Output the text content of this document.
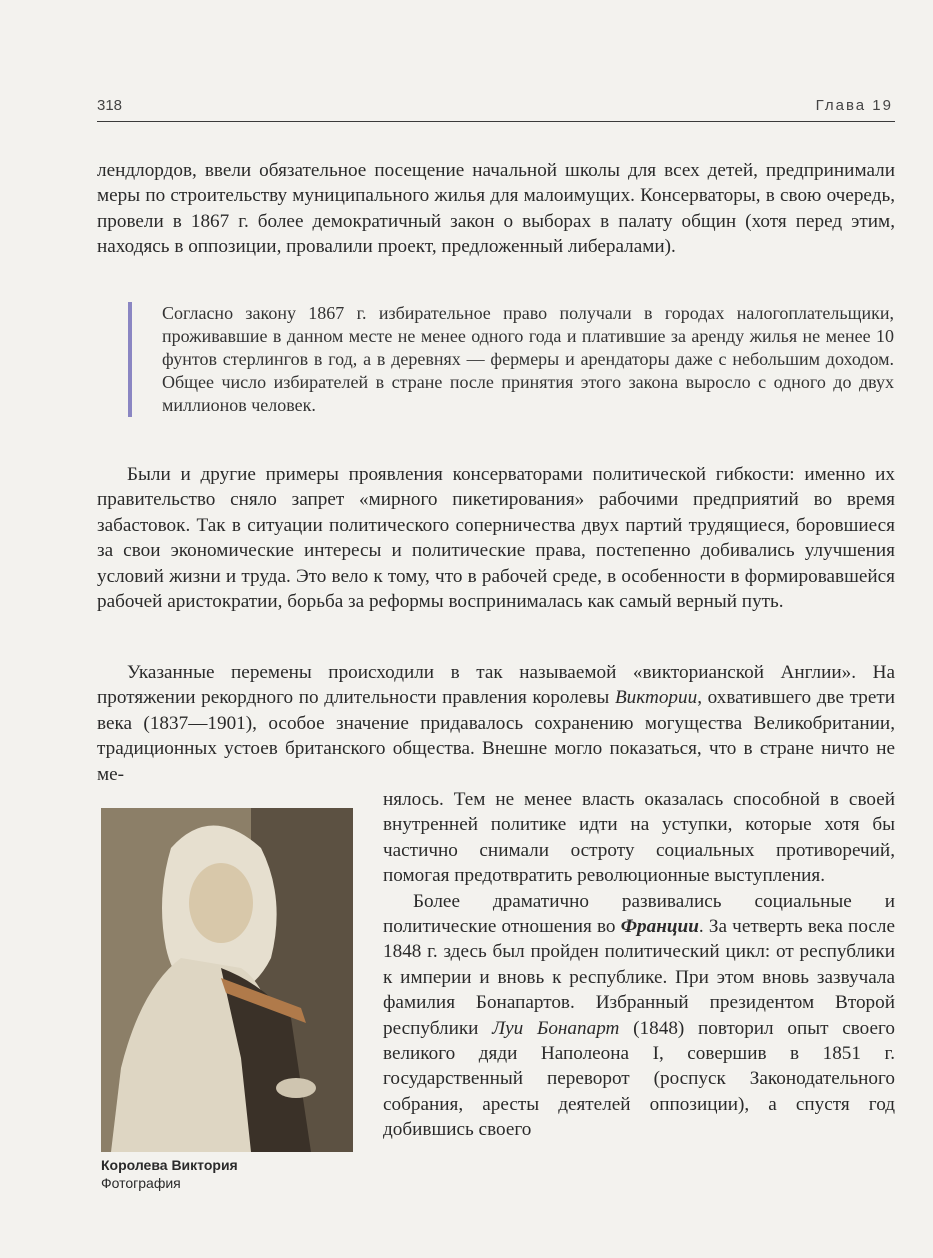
318	Глава 19

лендлордов, ввели обязательное посещение начальной школы для всех детей, предпринимали меры по строительству муниципального жилья для малоимущих. Консерваторы, в свою очередь, провели в 1867 г. более демократичный закон о выборах в палату общин (хотя перед этим, находясь в оппозиции, провалили проект, предложенный либералами).

Согласно закону 1867 г. избирательное право получали в городах налогоплательщики, проживавшие в данном месте не менее одного года и платившие за аренду жилья не менее 10 фунтов стерлингов в год, а в деревнях — фермеры и арендаторы даже с небольшим доходом. Общее число избирателей в стране после принятия этого закона выросло с одного до двух миллионов человек.

Были и другие примеры проявления консерваторами политической гибкости: именно их правительство сняло запрет «мирного пикетирования» рабочими предприятий во время забастовок. Так в ситуации политического соперничества двух партий трудящиеся, боровшиеся за свои экономические интересы и политические права, постепенно добивались улучшения условий жизни и труда. Это вело к тому, что в рабочей среде, в особенности в формировавшейся рабочей аристократии, борьба за реформы воспринималась как самый верный путь.

Указанные перемены происходили в так называемой «викторианской Англии». На протяжении рекордного по длительности правления королевы Виктории, охватившего две трети века (1837—1901), особое значение придавалось сохранению могущества Великобритании, традиционных устоев британского общества. Внешне могло показаться, что в стране ничто не ме-

Королева Виктория
Фотография

нялось. Тем не менее власть оказалась способной в своей внутренней политике идти на уступки, которые хотя бы частично снимали остроту социальных противоречий, помогая предотвратить революционные выступления.

Более драматично развивались социальные и политические отношения во Франции. За четверть века после 1848 г. здесь был пройден политический цикл: от республики к империи и вновь к республике. При этом вновь зазвучала фамилия Бонапартов. Избранный президентом Второй республики Луи Бонапарт (1848) повторил опыт своего великого дяди Наполеона I, совершив в 1851 г. государственный переворот (роспуск Законодательного собрания, аресты деятелей оппозиции), а спустя год добившись своего
